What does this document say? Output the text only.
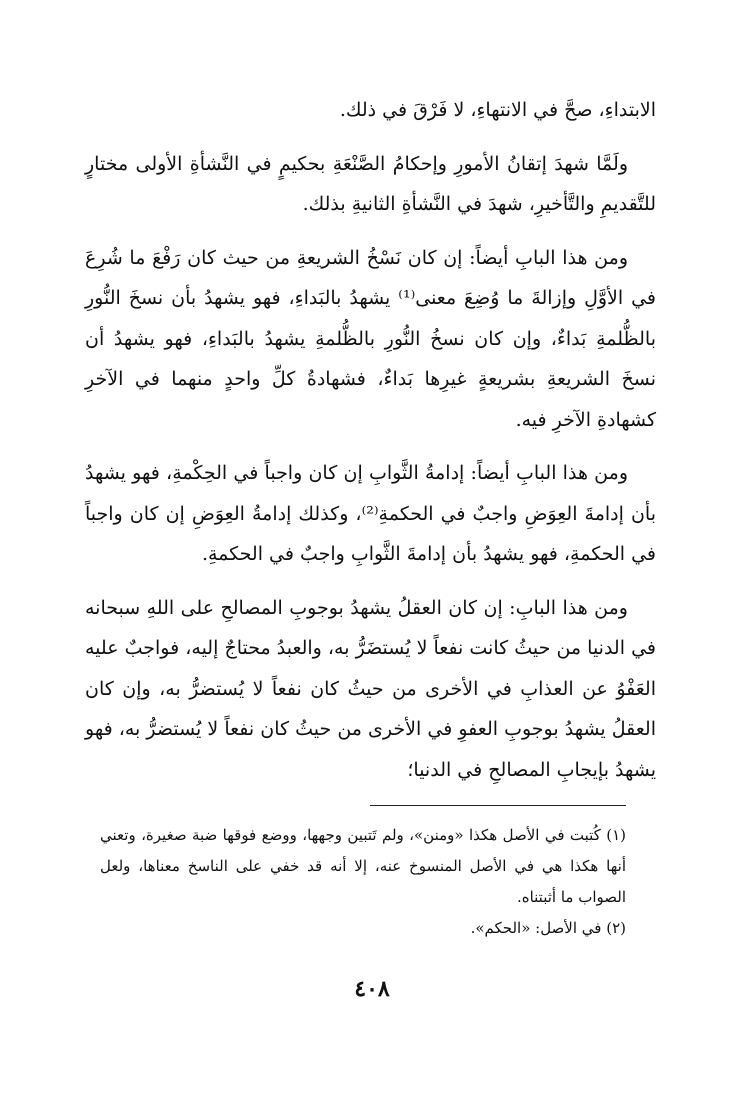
الابتداءِ، صحَّ في الانتهاءِ، لا فَرْقَ في ذلك.

ولَمَّا شهدَ إتقانُ الأمورِ وإحكامُ الصَّنْعَةِ بحكيمٍ في النَّشأةِ الأولى مختارٍ للتَّقديمِ والتَّأخيرِ، شهدَ في النَّشأةِ الثانيةِ بذلك.

ومن هذا البابِ أيضاً: إن كان نَسْخُ الشريعةِ من حيث كان رَفْعَ ما شُرِعَ في الأوَّلِ وإزالةَ ما وُضِعَ معنى⁽¹⁾ يشهدُ بالبَداءِ، فهو يشهدُ بأن نسخَ النُّورِ بالظُّلمةِ بَداءٌ، وإن كان نسخُ النُّورِ بالظُّلمةِ يشهدُ بالبَداءِ، فهو يشهدُ أن نسخَ الشريعةِ بشريعةٍ غيرِها بَداءٌ، فشهادةُ كلِّ واحدٍ منهما في الآخرِ كشهادةِ الآخرِ فيه.

ومن هذا البابِ أيضاً: إدامةُ الثَّوابِ إن كان واجباً في الحِكْمةِ، فهو يشهدُ بأن إدامةَ العِوَضِ واجبٌ في الحكمةِ⁽²⁾، وكذلك إدامةُ العِوَضِ إن كان واجباً في الحكمةِ، فهو يشهدُ بأن إدامةَ الثَّوابِ واجبٌ في الحكمةِ.

ومن هذا البابِ: إن كان العقلُ يشهدُ بوجوبِ المصالحِ على اللهِ سبحانه في الدنيا من حيثُ كانت نفعاً لا يُستضَرُّ به، والعبدُ محتاجٌ إليه، فواجبٌ عليه العَفْوُ عن العذابِ في الأخرى من حيثُ كان نفعاً لا يُستضرُّ به، وإن كان العقلُ يشهدُ بوجوبِ العفوِ في الأخرى من حيثُ كان نفعاً لا يُستضرُّ به، فهو يشهدُ بإيجابِ المصالحِ في الدنيا؛

(١) كُتبت في الأصل هكذا «ومنن»، ولم تَتبين وجهها، ووضع فوقها ضبة صغيرة، وتعني أنها هكذا هي في الأصل المنسوخ عنه، إلا أنه قد خفي على الناسخ معناها، ولعل الصواب ما أثبتناه.

(٢) في الأصل: «الحكم».

٤٠٨
